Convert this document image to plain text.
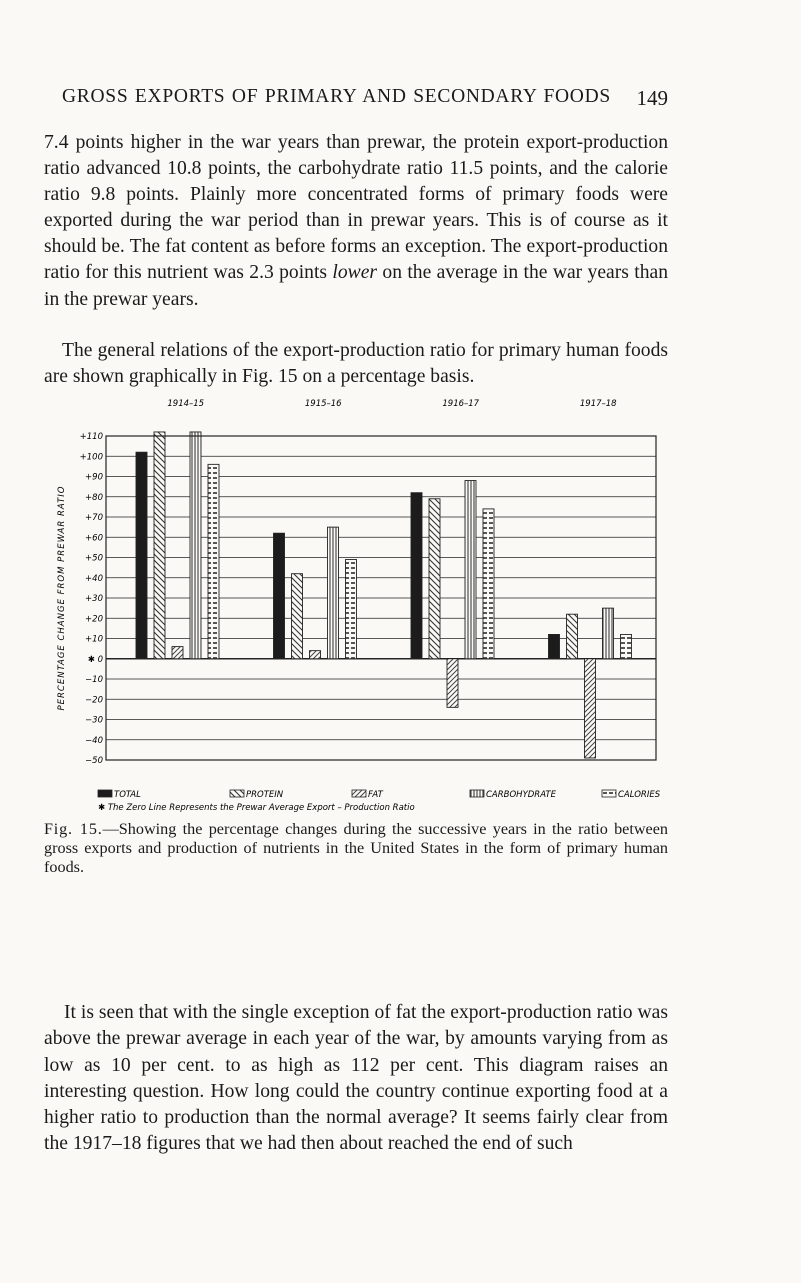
GROSS EXPORTS OF PRIMARY AND SECONDARY FOODS 149

7.4 points higher in the war years than prewar, the protein export-production ratio advanced 10.8 points, the carbohydrate ratio 11.5 points, and the calorie ratio 9.8 points. Plainly more concentrated forms of primary foods were exported during the war period than in prewar years. This is of course as it should be. The fat content as before forms an exception. The export-production ratio for this nutrient was 2.3 points lower on the average in the war years than in the prewar years.

The general relations of the export-production ratio for primary human foods are shown graphically in Fig. 15 on a percentage basis.

1914–15	1915–16	1916–17	1917–18
PERCENTAGE CHANGE FROM PREWAR RATIO
+110
+100
+90
+80
+70
+60
+50
+40
+30
+20
+10
✱ 0
−10
−20
−30
−40
−50
TOTAL	PROTEIN	FAT	CARBOHYDRATE	CALORIES
✱ The Zero Line Represents the Prewar Average Export – Production Ratio

Fig. 15.—Showing the percentage changes during the successive years in the ratio between gross exports and production of nutrients in the United States in the form of primary human foods.

It is seen that with the single exception of fat the export-production ratio was above the prewar average in each year of the war, by amounts varying from as low as 10 per cent. to as high as 112 per cent. This diagram raises an interesting question. How long could the country continue exporting food at a higher ratio to production than the normal average? It seems fairly clear from the 1917–18 figures that we had then about reached the end of such
